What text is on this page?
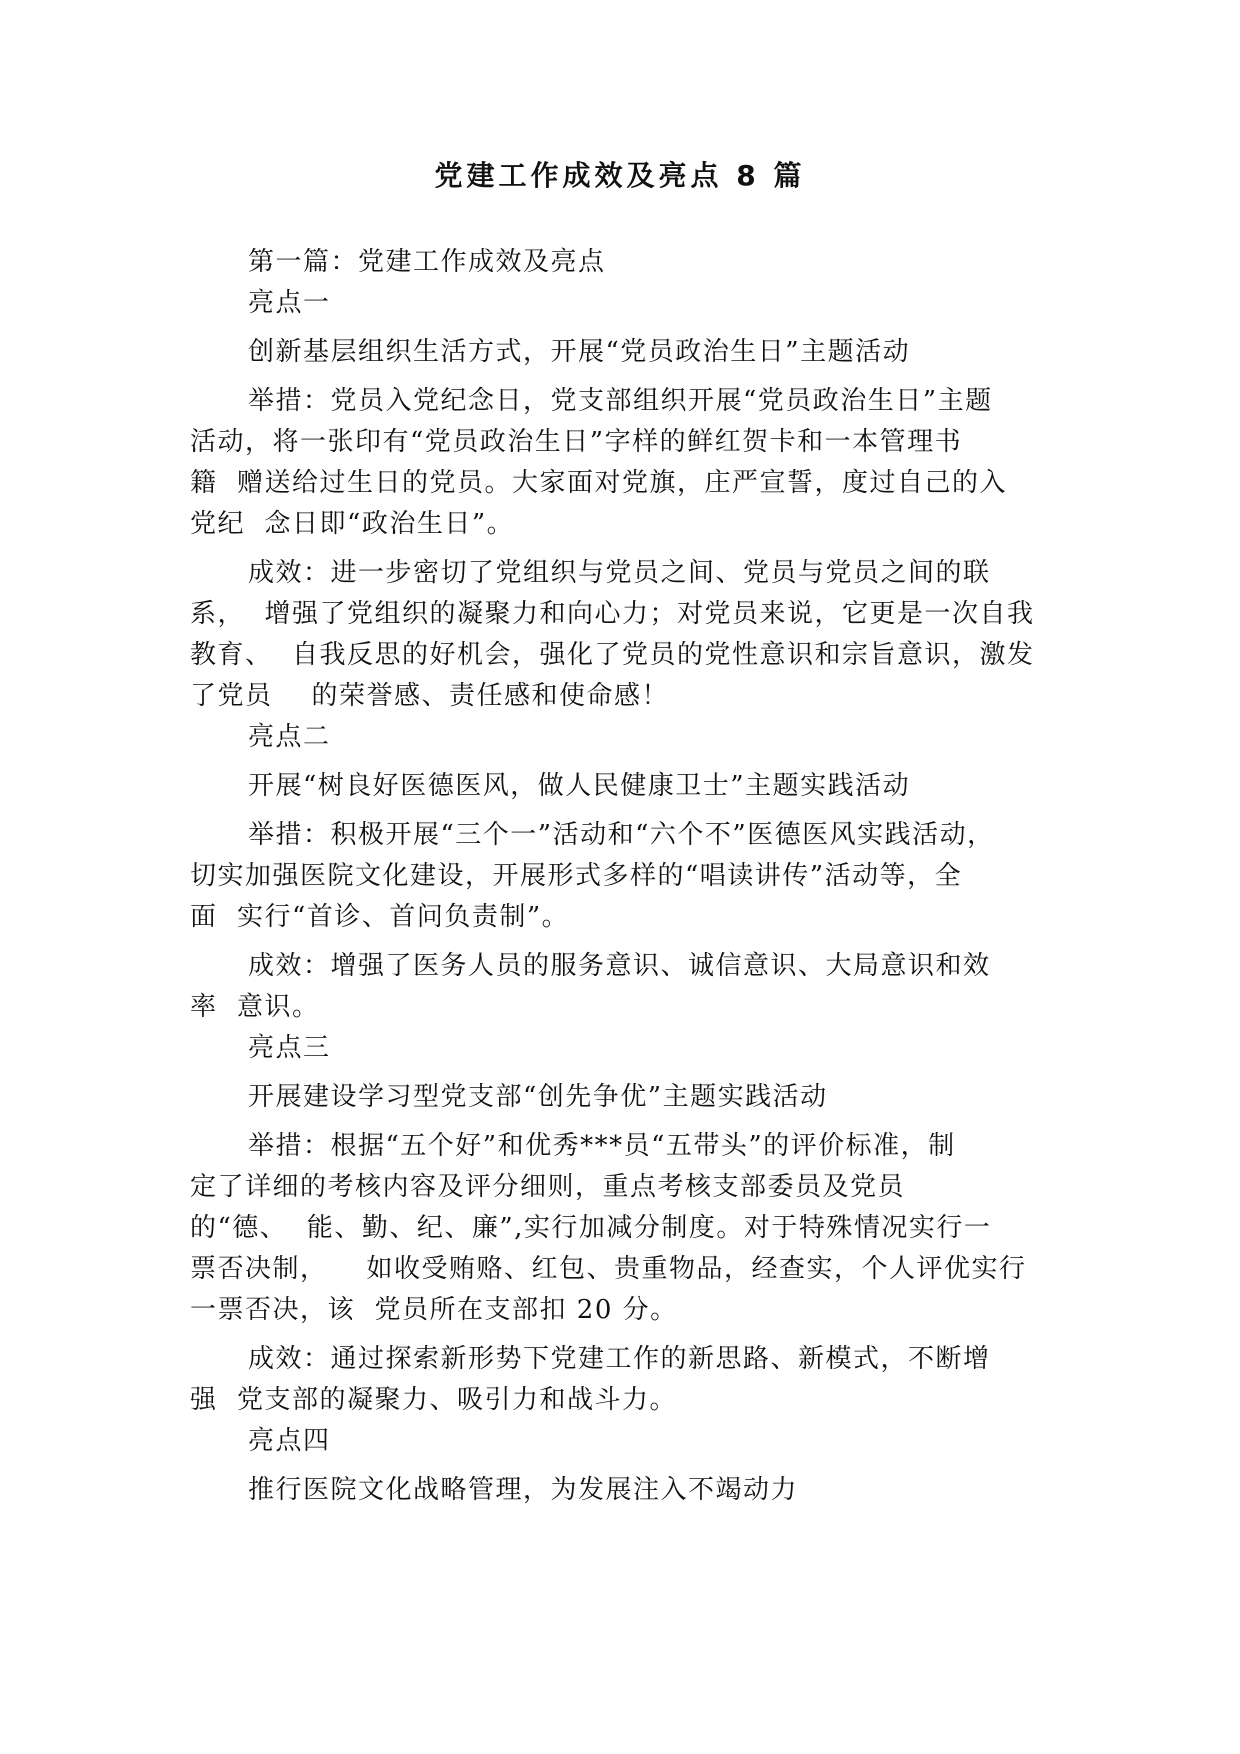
党建工作成效及亮点 8 篇
第一篇：党建工作成效及亮点
亮点一
创新基层组织生活方式，开展“党员政治生日”主题活动
举措：党员入党纪念日，党支部组织开展“党员政治生日”主题
活动，将一张印有“党员政治生日”字样的鲜红贺卡和一本管理书
籍  赠送给过生日的党员。大家面对党旗，庄严宣誓，度过自己的入
党纪  念日即“政治生日”。
成效：进一步密切了党组织与党员之间、党员与党员之间的联
系，  增强了党组织的凝聚力和向心力；对党员来说，它更是一次自我
教育、  自我反思的好机会，强化了党员的党性意识和宗旨意识，激发
了党员    的荣誉感、责任感和使命感！
亮点二
开展“树良好医德医风，做人民健康卫士”主题实践活动
举措：积极开展“三个一”活动和“六个不”医德医风实践活动，
切实加强医院文化建设，开展形式多样的“唱读讲传”活动等，全
面  实行“首诊、首问负责制”。
成效：增强了医务人员的服务意识、诚信意识、大局意识和效
率  意识。
亮点三
开展建设学习型党支部“创先争优”主题实践活动
举措：根据“五个好”和优秀***员“五带头”的评价标准，制
定了详细的考核内容及评分细则，重点考核支部委员及党员
的“德、  能、勤、纪、廉”,实行加减分制度。对于特殊情况实行一
票否决制，    如收受贿赂、红包、贵重物品，经查实，个人评优实行
一票否决，该  党员所在支部扣 20 分。
成效：通过探索新形势下党建工作的新思路、新模式，不断增
强  党支部的凝聚力、吸引力和战斗力。
亮点四
推行医院文化战略管理，为发展注入不竭动力
